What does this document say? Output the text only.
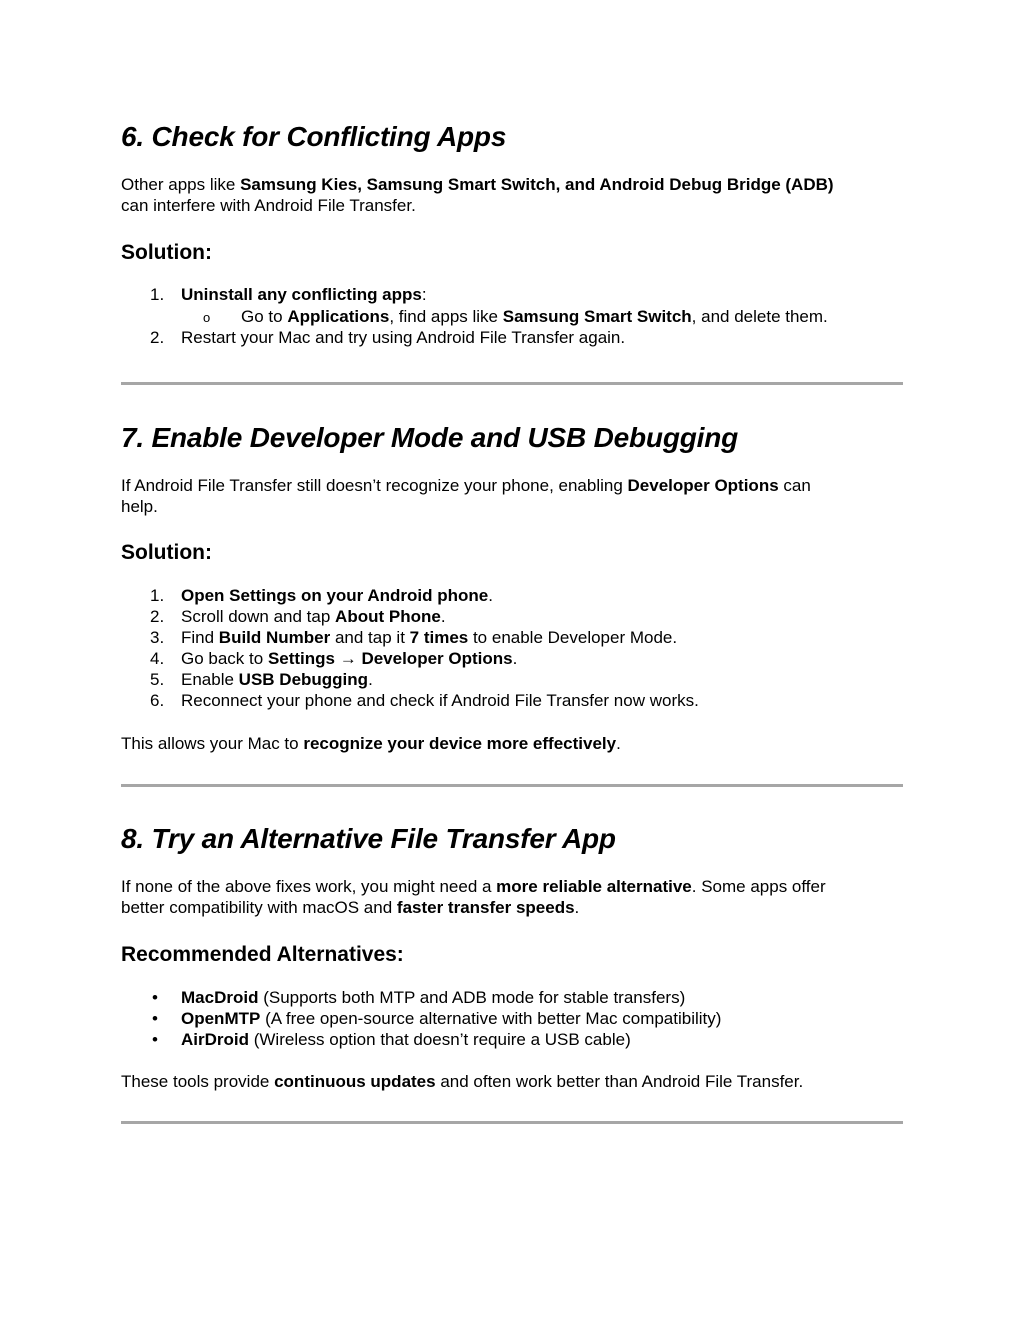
6. Check for Conflicting Apps

Other apps like Samsung Kies, Samsung Smart Switch, and Android Debug Bridge (ADB)

can interfere with Android File Transfer.

Solution:
1. Uninstall any conflicting apps:
o Go to Applications, find apps like Samsung Smart Switch, and delete them.
2. Restart your Mac and try using Android File Transfer again.
7. Enable Developer Mode and USB Debugging

If Android File Transfer still doesn’t recognize your phone, enabling Developer Options can

help.

Solution:
1. Open Settings on your Android phone.
2. Scroll down and tap About Phone.
3. Find Build Number and tap it 7 times to enable Developer Mode.
4. Go back to Settings → Developer Options.
5. Enable USB Debugging.
6. Reconnect your phone and check if Android File Transfer now works.

This allows your Mac to recognize your device more effectively.

8. Try an Alternative File Transfer App

If none of the above fixes work, you might need a more reliable alternative. Some apps offer

better compatibility with macOS and faster transfer speeds.

Recommended Alternatives:
• MacDroid (Supports both MTP and ADB mode for stable transfers)
• OpenMTP (A free open-source alternative with better Mac compatibility)
• AirDroid (Wireless option that doesn’t require a USB cable)

These tools provide continuous updates and often work better than Android File Transfer.
